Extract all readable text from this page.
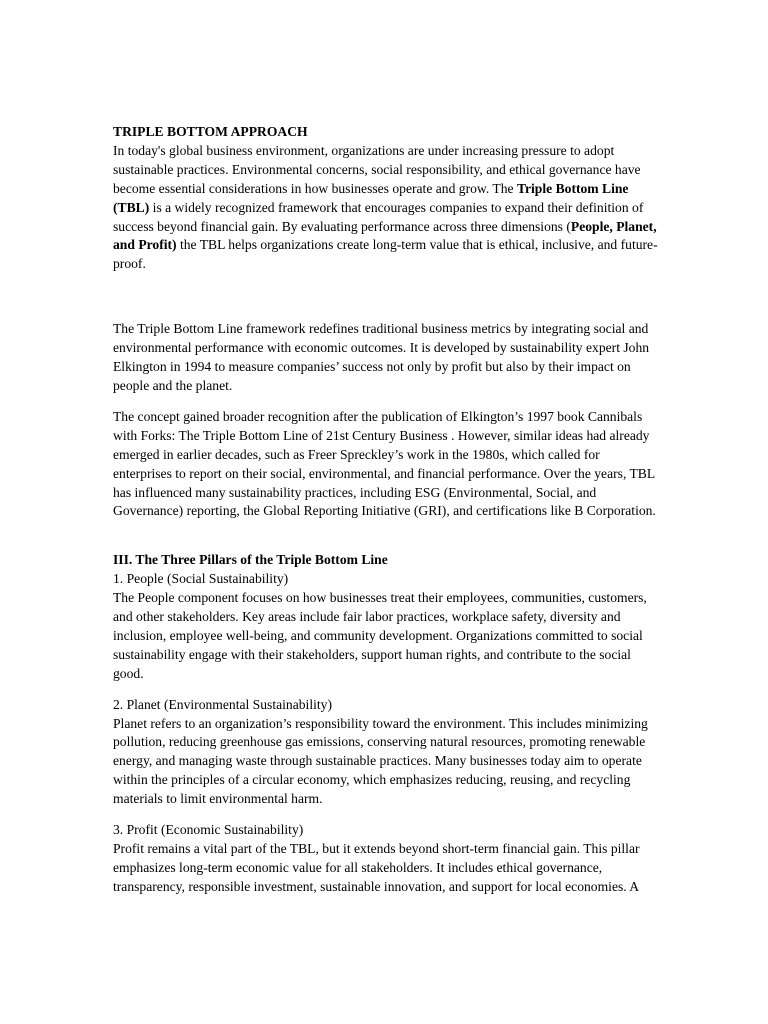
TRIPLE BOTTOM APPROACH

In today's global business environment, organizations are under increasing pressure to adopt sustainable practices. Environmental concerns, social responsibility, and ethical governance have become essential considerations in how businesses operate and grow. The Triple Bottom Line (TBL) is a widely recognized framework that encourages companies to expand their definition of success beyond financial gain. By evaluating performance across three dimensions (People, Planet, and Profit) the TBL helps organizations create long-term value that is ethical, inclusive, and future-proof.

The Triple Bottom Line framework redefines traditional business metrics by integrating social and environmental performance with economic outcomes. It is developed by sustainability expert John Elkington in 1994 to measure companies’ success not only by profit but also by their impact on people and the planet.

The concept gained broader recognition after the publication of Elkington’s 1997 book Cannibals with Forks: The Triple Bottom Line of 21st Century Business . However, similar ideas had already emerged in earlier decades, such as Freer Spreckley’s work in the 1980s, which called for enterprises to report on their social, environmental, and financial performance. Over the years, TBL has influenced many sustainability practices, including ESG (Environmental, Social, and Governance) reporting, the Global Reporting Initiative (GRI), and certifications like B Corporation.

III. The Three Pillars of the Triple Bottom Line
1. People (Social Sustainability)

The People component focuses on how businesses treat their employees, communities, customers, and other stakeholders. Key areas include fair labor practices, workplace safety, diversity and inclusion, employee well-being, and community development. Organizations committed to social sustainability engage with their stakeholders, support human rights, and contribute to the social good.

2. Planet (Environmental Sustainability)

Planet refers to an organization’s responsibility toward the environment. This includes minimizing pollution, reducing greenhouse gas emissions, conserving natural resources, promoting renewable energy, and managing waste through sustainable practices. Many businesses today aim to operate within the principles of a circular economy, which emphasizes reducing, reusing, and recycling materials to limit environmental harm.

3. Profit (Economic Sustainability)

Profit remains a vital part of the TBL, but it extends beyond short-term financial gain. This pillar emphasizes long-term economic value for all stakeholders. It includes ethical governance, transparency, responsible investment, sustainable innovation, and support for local economies. A
